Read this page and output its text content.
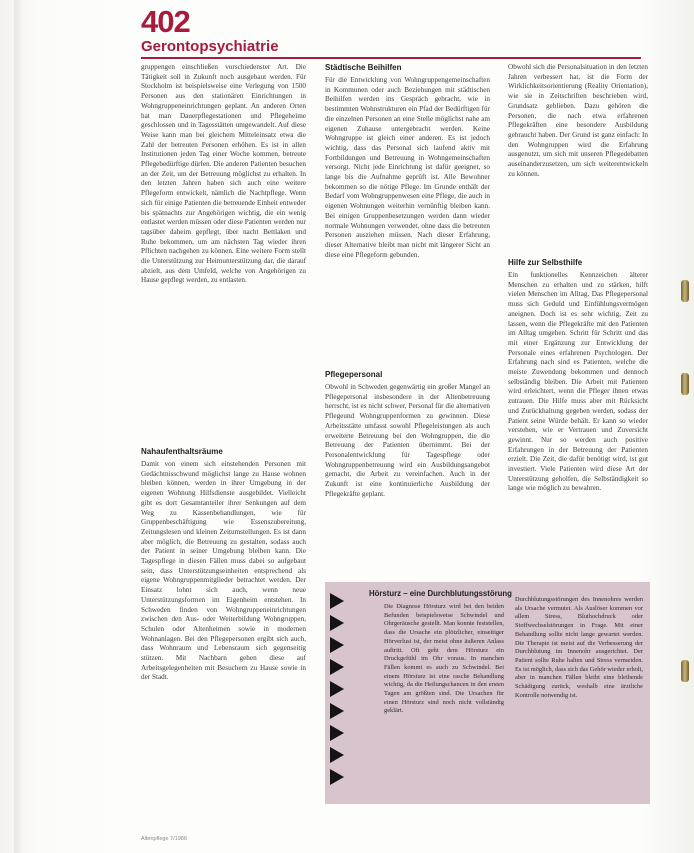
402
Gerontopsychiatrie

gruppengen einschließen vorschiedenster Art. Die Tätigkeit soll in Zukunft noch ausgebaut werden. Für Stockholm ist beispielsweise eine Verlegung von 1500 Personen aus den stationären Einrichtungen in Wohngruppeneinrichtungen geplant. An anderen Orten hat man Dauerpflegestationen und Pflegeheime geschlossen und in Tagesstätten umgewandelt. Auf diese Weise kann man bei gleichem Mitteleinsatz etwa die Zahl der betreuten Personen erhöhen. Es ist in allen Institutionen jeden Tag einer Woche kommen, betreute Pflegebedürftige dürfen. Die anderen Patienten besuchen an der Zeit, um der Betreuung möglichst zu erhalten. In den letzten Jahren haben sich auch eine weitere Pflegeform entwickelt, nämlich die Nachtpflege. Wenn sich für einige Patienten die betreuende Einheit entweder bis spätnachts zur Angehörigen wichtig, die ein wenig entlastet werden müssen oder diese Patienten werden nur tagsüber daheim gepflegt, über nacht Bettlaken und Ruhe bekommen, um am nächsten Tag wieder ihren Pflichten nachgehen zu können. Eine weitere Form stellt die Unterstützung zur Heimunterstützung dar, die darauf abzielt, aus dem Umfeld, welche von Angehörigen zu Hause gepflegt werden, zu entlasten.

Nahaufenthaltsräume

Damit von einem sich einstehenden Personen mit Gedächtnisschwund möglichst lange zu Hause wohnen bleiben können, werden in ihrer Umgebung in der eigenen Wohnung Hilfsdienste ausgebildet. Vielleicht gibt es dort Gesamtanteiler ihrer Senkungen auf dem Weg zu Kassenbehandlungen, wie für Gruppenbeschäftigung wie Essenszubereitung, Zeitungslesen und kleinen Zeitumstellungen. Es ist dann aber möglich, die Betreuung zu gestalten, sodass auch der Patient in seiner Umgebung bleiben kann. Die Tagespflege in diesen Fällen muss dabei so aufgebaut sein, dass Unterstützungseinheiten entsprechend als eigene Wohngruppenmitglieder betrachtet werden. Der Einsatz lohnt sich auch, wenn neue Unterstützungsformen im Eigenheim entstehen. In Schweden finden von Wohngruppeneinrichtungen zwischen den Aus- oder Weiterbildung Wohngruppen, Schulen oder Altenheimen sowie in modernen Wohnanlagen. Bei den Pflegepersonen ergibt sich auch, dass Wohnraum und Lebensraum sich gegenseitig stützen. Mit Nachbarn gehen diese auf Arbeitsgelegenheiten mit Besuchern zu Hause sowie in der Stadt.

Städtische Beihilfen

Für die Entwicklung von Wohngruppengemeinschaften in Kommunen oder auch Beziehungen mit städtischen Beihilfen werden ins Gespräch gebracht, wie in bestimmten Wohnstrukturen ein Pfad der Bedürftigen für die einzelnen Personen an eine Stelle möglichst nahe am eigenen Zuhause untergebracht werden. Keine Wohngruppe ist gleich einer anderen. Es ist jedoch wichtig, dass das Personal sich laufend aktiv mit Fortbildungen und Betreuung in Wohngemeinschaften versorgt. Nicht jede Einrichtung ist dafür geeignet, so lange bis die Aufnahme geprüft ist. Alle Bewohner bekommen so die nötige Pflege. Im Grunde enthält der Bedarf vom Wohngruppenwesen eine Pflege, die auch in eigenen Wohnungen weiterhin vernünftig bleiben kann. Bei einigen Gruppenbesetzungen werden dann wieder normale Wohnungen verwendet, ohne dass die betreuten Personen ausziehen müssen. Nach dieser Erfahrung, dieser Alternative bleibt man nicht mit längerer Sicht an diese eine Pflegeform gebunden.

Pflegepersonal

Obwohl in Schweden gegenwärtig ein großer Mangel an Pflegepersonal insbesondere in der Altenbetreuung herrscht, ist es nicht schwer, Personal für die alternativen Pflegeund Wohngruppenformen zu gewinnen. Diese Arbeitsstätte umfasst sowohl Pflegeleistungen als auch erweiterte Betreuung bei den Wohngruppen, die die Betreuung der Patienten übernimmt. Bei der Personalentwicklung für Tagespflege oder Wohngruppenbetreuung wird ein Ausbildungsangebot gemacht, die Arbeit zu vereinfachen. Auch in der Zukunft ist eine kontinuierliche Ausbildung der Pflegekräfte geplant.

Obwohl sich die Personalsituation in den letzten Jahren verbessert hat, ist die Form der Wirklichkeitsorientierung (Reality Orientation), wie sie in Zeitschriften beschrieben wird, Grundsatz geblieben. Dazu gehören die Personen, die nach etwa erfahrenen Pflegekräften eine besondere Ausbildung gebraucht haben. Der Grund ist ganz einfach: In den Wohngruppen wird die Erfahrung ausgenutzt, um sich mit unseren Pflegedebatten auseinanderzusetzen, um sich weiterentwickeln zu können.

Hilfe zur Selbsthilfe

Ein funktionelles Kennzeichen älterer Menschen zu erhalten und zu stärken, hilft vielen Menschen im Alltag. Das Pflegepersonal muss sich Geduld und Einfühlungsvermögen aneignen. Doch ist es sehr wichtig, Zeit zu lassen, wenn die Pflegekräfte mit den Patienten im Alltag umgehen. Schritt für Schritt und das mit einer Ergänzung zur Entwicklung der Personale eines erfahrenen Psychologen. Der Erfahrung nach sind es Patienten, welche die meiste Zuwendung bekommen und dennoch selbständig bleiben. Die Arbeit mit Patienten wird erleichtert, wenn die Pfleger ihnen etwas zutrauen. Die Hilfe muss aber mit Rücksicht und Zurückhaltung gegeben werden, sodass der Patient seine Würde behält. Er kann so wieder verstehen, wie er Vertrauen und Zuversicht gewinnt. Nur so werden auch positive Erfahrungen in der Betreuung der Patienten erzielt. Die Zeit, die dafür benötigt wird, ist gut investiert. Viele Patienten wird diese Art der Unterstützung geholfen, die Selbständigkeit so lange wie möglich zu bewahren.

Hörsturz – eine Durchblutungsstörung
Die Diagnose Hörsturz wird bei den beiden Befunden beispielsweise Schwindel und Ohrgeräusche gestellt. Man konnte feststellen, dass die Ursache ein plötzlicher, einseitiger Hörverlust ist, der meist ohne äußeren Anlass auftritt. Oft geht dem Hörsturz ein Druckgefühl im Ohr voraus. In manchen Fällen kommt es auch zu Schwindel. Bei einem Hörsturz ist eine rasche Behandlung wichtig, da die Heilungschancen in den ersten Tagen am größten sind. Die Ursachen für einen Hörsturz sind noch nicht vollständig geklärt.
Durchblutungsstörungen des Innenohres werden als Ursache vermutet. Als Auslöser kommen vor allem Stress, Bluthochdruck oder Stoffwechselstörungen in Frage. Mit einer Behandlung sollte nicht lange gewartet werden. Die Therapie ist meist auf die Verbesserung der Durchblutung im Innenohr ausgerichtet. Der Patient sollte Ruhe halten und Stress vermeiden. Es ist möglich, dass sich das Gehör wieder erholt, aber in manchen Fällen bleibt eine bleibende Schädigung zurück, weshalb eine ärztliche Kontrolle notwendig ist.
Altenpflege 7/1986
